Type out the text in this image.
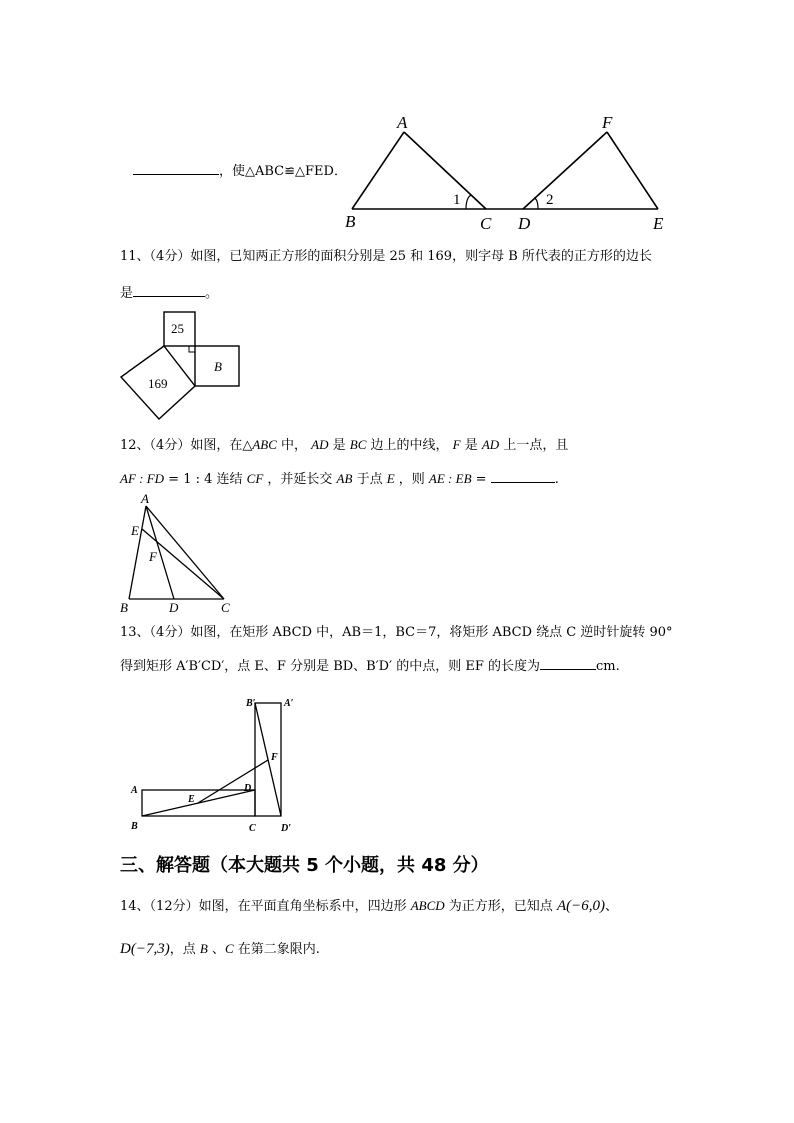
，使△ABC≌△FED．
A	F
B	C D	E
1	2
11、（4分）如图，已知两正方形的面积分别是 25 和 169，则字母 B 所代表的正方形的边长
是	。
25
169
B
12、（4分）如图，在△ABC 中， AD 是 BC 边上的中线， F 是 AD 上一点，且
AF : FD = 1 : 4 连结 CF ，并延长交 AB 于点 E ，则 AE : EB =	.
A
E
F
B	D	C
13、（4分）如图，在矩形 ABCD 中，AB＝1，BC＝7，将矩形 ABCD 绕点 C 逆时针旋转 90°
得到矩形 A′B′CD′，点 E、F 分别是 BD、B′D′ 的中点，则 EF 的长度为	cm.
B′	A′
F
A
E
D
B	C	D′
三、解答题（本大题共 5 个小题，共 48 分）
14、（12分）如图，在平面直角坐标系中，四边形 ABCD 为正方形，已知点 A(−6,0)、
D(−7,3)，点 B 、C 在第二象限内.
